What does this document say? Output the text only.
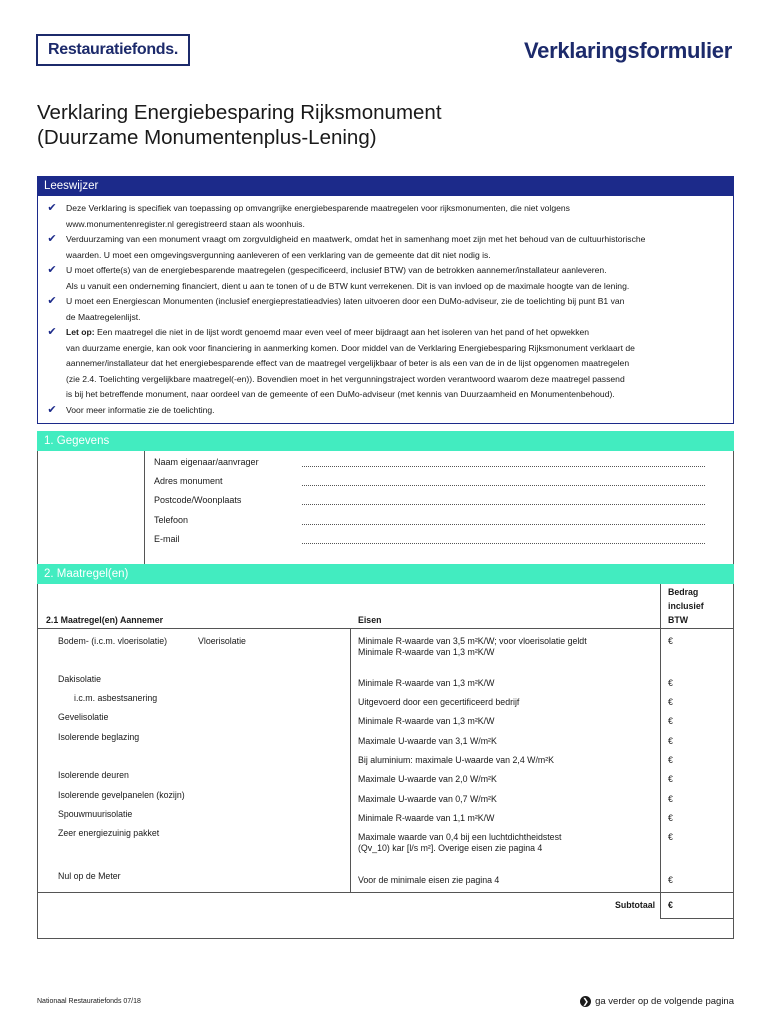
Restauratiefonds.	Verklaringsformulier
Verklaring Energiebesparing Rijksmonument
(Duurzame Monumentenplus-Lening)
Leeswijzer
✔	Deze Verklaring is specifiek van toepassing op omvangrijke energiebesparende maatregelen voor rijksmonumenten, die niet volgens
www.monumentenregister.nl geregistreerd staan als woonhuis.
✔	Verduurzaming van een monument vraagt om zorgvuldigheid en maatwerk, omdat het in samenhang moet zijn met het behoud van de cultuurhistorische
waarden. U moet een omgevingsvergunning aanleveren of een verklaring van de gemeente dat dit niet nodig is.
✔	U moet offerte(s) van de energiebesparende maatregelen (gespecificeerd, inclusief BTW) van de betrokken aannemer/installateur aanleveren.
Als u vanuit een onderneming financiert, dient u aan te tonen of u de BTW kunt verrekenen. Dit is van invloed op de maximale hoogte van de lening.
✔	U moet een Energiescan Monumenten (inclusief energieprestatieadvies) laten uitvoeren door een DuMo-adviseur, zie de toelichting bij punt B1 van
de Maatregelenlijst.
✔	Let op: Een maatregel die niet in de lijst wordt genoemd maar even veel of meer bijdraagt aan het isoleren van het pand of het opwekken
van duurzame energie, kan ook voor financiering in aanmerking komen. Door middel van de Verklaring Energiebesparing Rijksmonument verklaart de
aannemer/installateur dat het energiebesparende effect van de maatregel vergelijkbaar of beter is als een van de in de lijst opgenomen maatregelen
(zie 2.4. Toelichting vergelijkbare maatregel(-en)). Bovendien moet in het vergunningstraject worden verantwoord waarom deze maatregel passend
is bij het betreffende monument, naar oordeel van de gemeente of een DuMo-adviseur (met kennis van Duurzaamheid en Monumentenbehoud).
✔	Voor meer informatie zie de toelichting.
1. Gegevens
Naam eigenaar/aanvrager
Adres monument
Postcode/Woonplaats
Telefoon
E-mail
2. Maatregel(en)
2.1 Maatregel(en) Aannemer	Eisen
Bedrag
inclusief
BTW
Bodem- (i.c.m. vloerisolatie)	Vloerisolatie	Minimale R-waarde van 3,5 m²K/W; voor vloerisolatie geldt
Minimale R-waarde van 1,3 m²K/W
€
Dakisolatie	Minimale R-waarde van 1,3 m²K/W	€
i.c.m. asbestsanering	Uitgevoerd door een gecertificeerd bedrijf	€
Gevelisolatie	Minimale R-waarde van 1,3 m²K/W	€
Isolerende beglazing	Maximale U-waarde van 3,1 W/m²K	€
Bij aluminium: maximale U-waarde van 2,4 W/m²K	€
Isolerende deuren	Maximale U-waarde van 2,0 W/m²K	€
Isolerende gevelpanelen (kozijn)	Maximale U-waarde van 0,7 W/m²K	€
Spouwmuurisolatie	Minimale R-waarde van 1,1 m²K/W	€
Zeer energiezuinig pakket	Maximale waarde van 0,4 bij een luchtdichtheidstest
(Qv_10) kar [l/s m²]. Overige eisen zie pagina 4
€
Nul op de Meter	Voor de minimale eisen zie pagina 4	€
Subtotaal €
Nationaal Restauratiefonds 07/18	❯ ga verder op de volgende pagina
